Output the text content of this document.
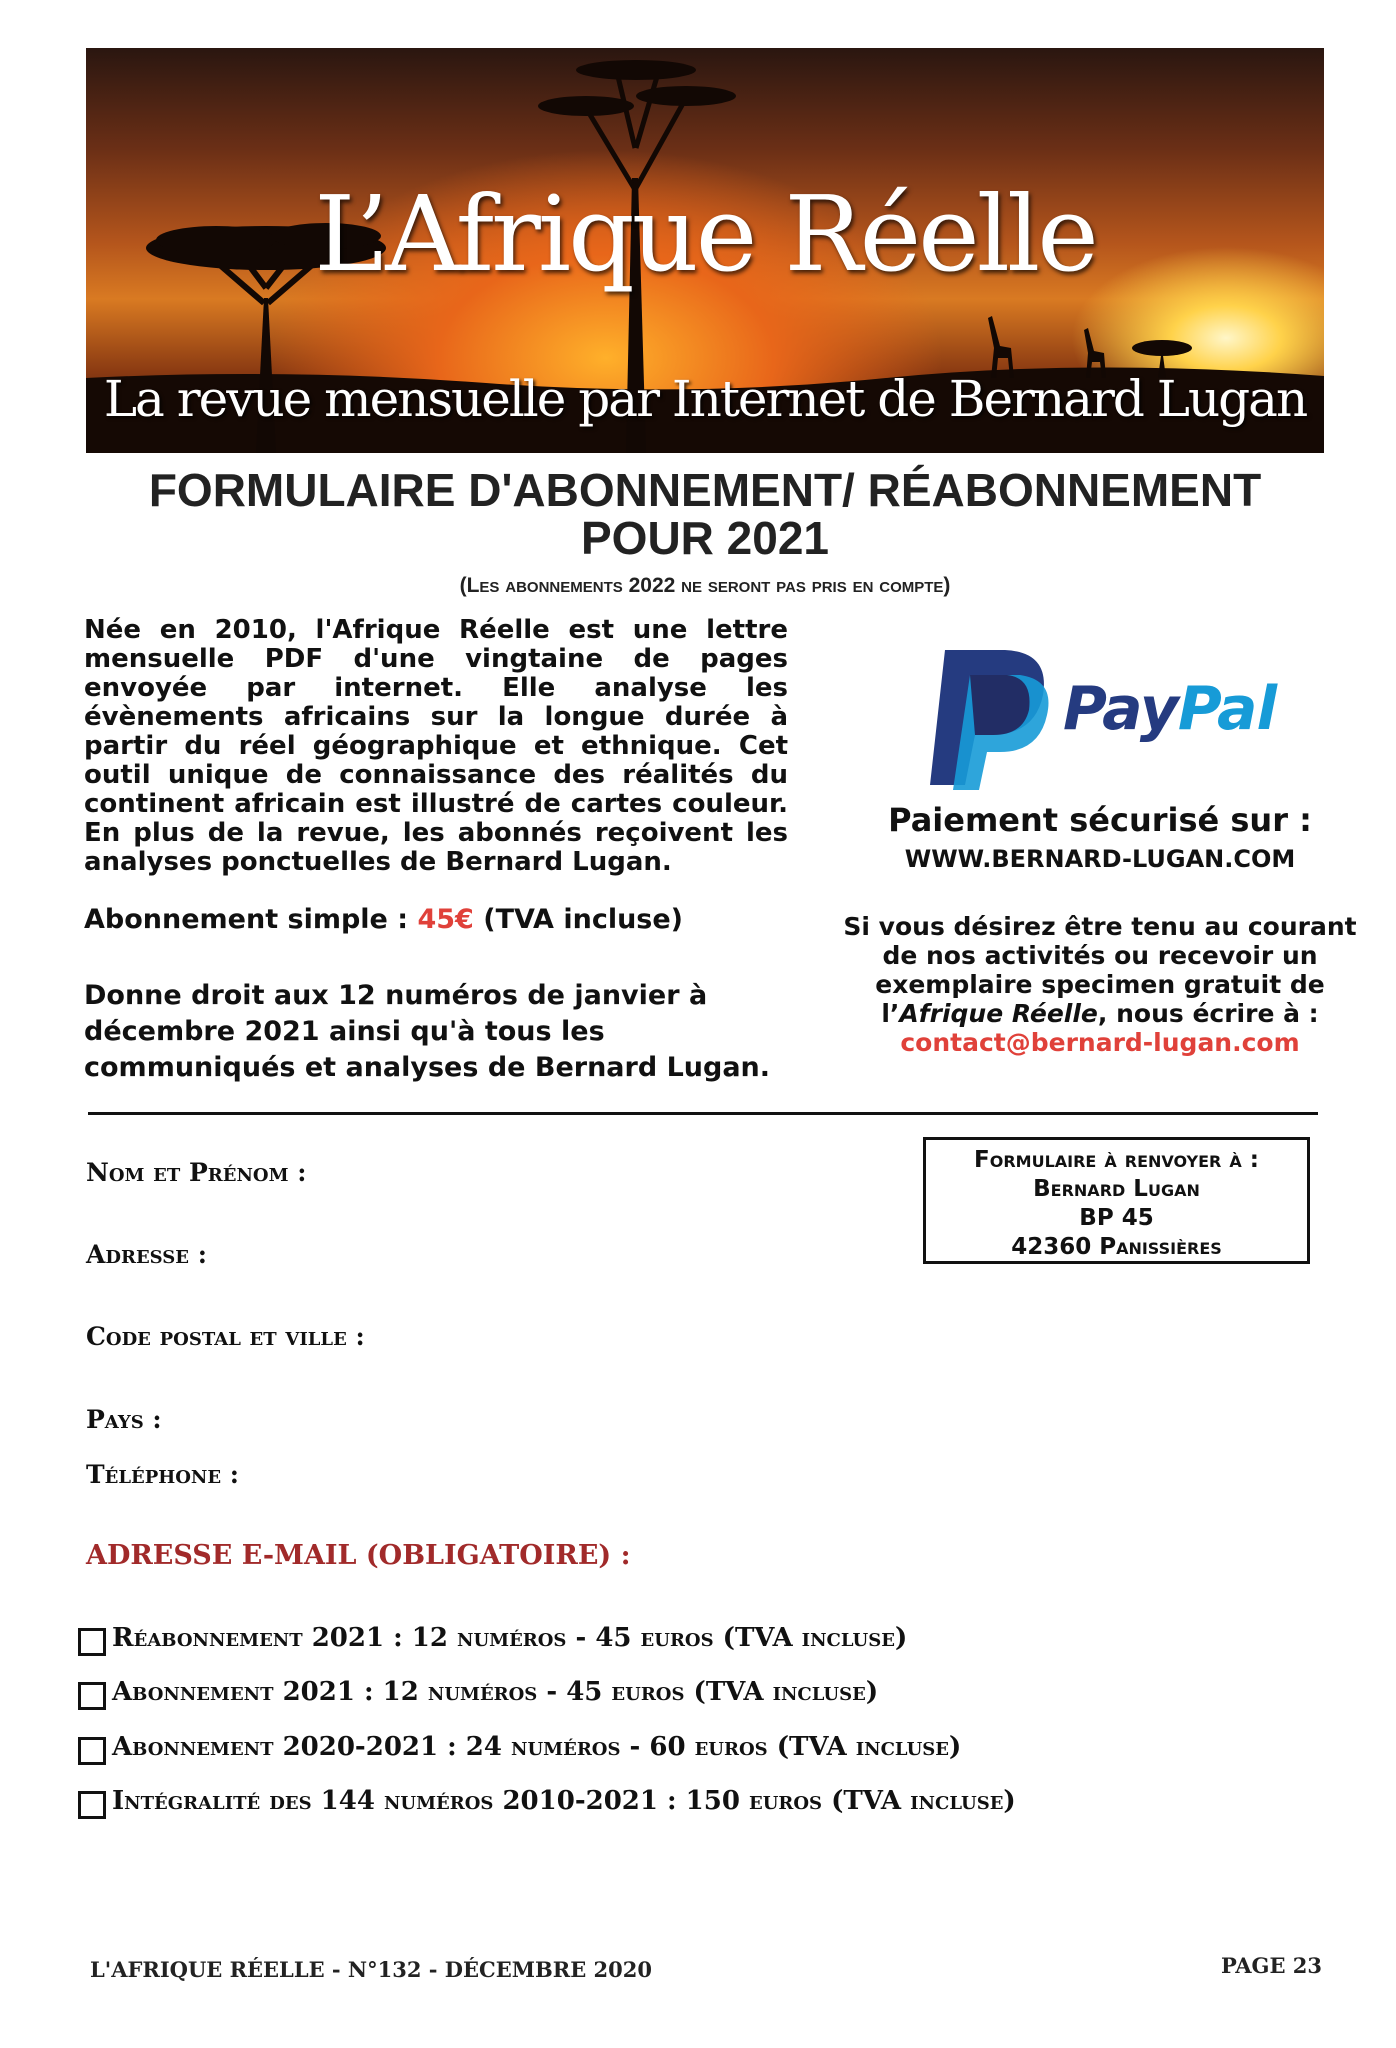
L’Afrique Réelle
La revue mensuelle par Internet de Bernard Lugan
FORMULAIRE D'ABONNEMENT/ RÉABONNEMENT
POUR 2021
(Les abonnements 2022 ne seront pas pris en compte)
Née en 2010, l'Afrique Réelle est une lettre mensuelle PDF d'une vingtaine de pages envoyée par internet. Elle analyse les évènements africains sur la longue durée à partir du réel géographique et ethnique. Cet outil unique de connaissance des réalités du continent africain est illustré de cartes couleur. En plus de la revue, les abonnés reçoivent les analyses ponctuelles de Bernard Lugan.
Abonnement simple : 45€ (TVA incluse)
Donne droit aux 12 numéros de janvier à décembre 2021 ainsi qu'à tous les communiqués et analyses de Bernard Lugan.
PayPal
Paiement sécurisé sur :
WWW.BERNARD-LUGAN.COM
Si vous désirez être tenu au courant
de nos activités ou recevoir un
exemplaire specimen gratuit de
l’Afrique Réelle, nous écrire à :
contact@bernard-lugan.com
Nom et Prénom :
Adresse :
Code postal et ville :
Pays :
Téléphone :
ADRESSE E-MAIL (OBLIGATOIRE) :
Formulaire à renvoyer à :
Bernard Lugan
BP 45
42360 Panissières
Réabonnement 2021 : 12 numéros - 45 euros (TVA incluse)
Abonnement 2021 : 12 numéros - 45 euros (TVA incluse)
Abonnement 2020-2021 : 24 numéros - 60 euros (TVA incluse)
Intégralité des 144 numéros 2010-2021 : 150 euros (TVA incluse)
L'AFRIQUE RÉELLE - N°132 - DÉCEMBRE 2020	PAGE 23
